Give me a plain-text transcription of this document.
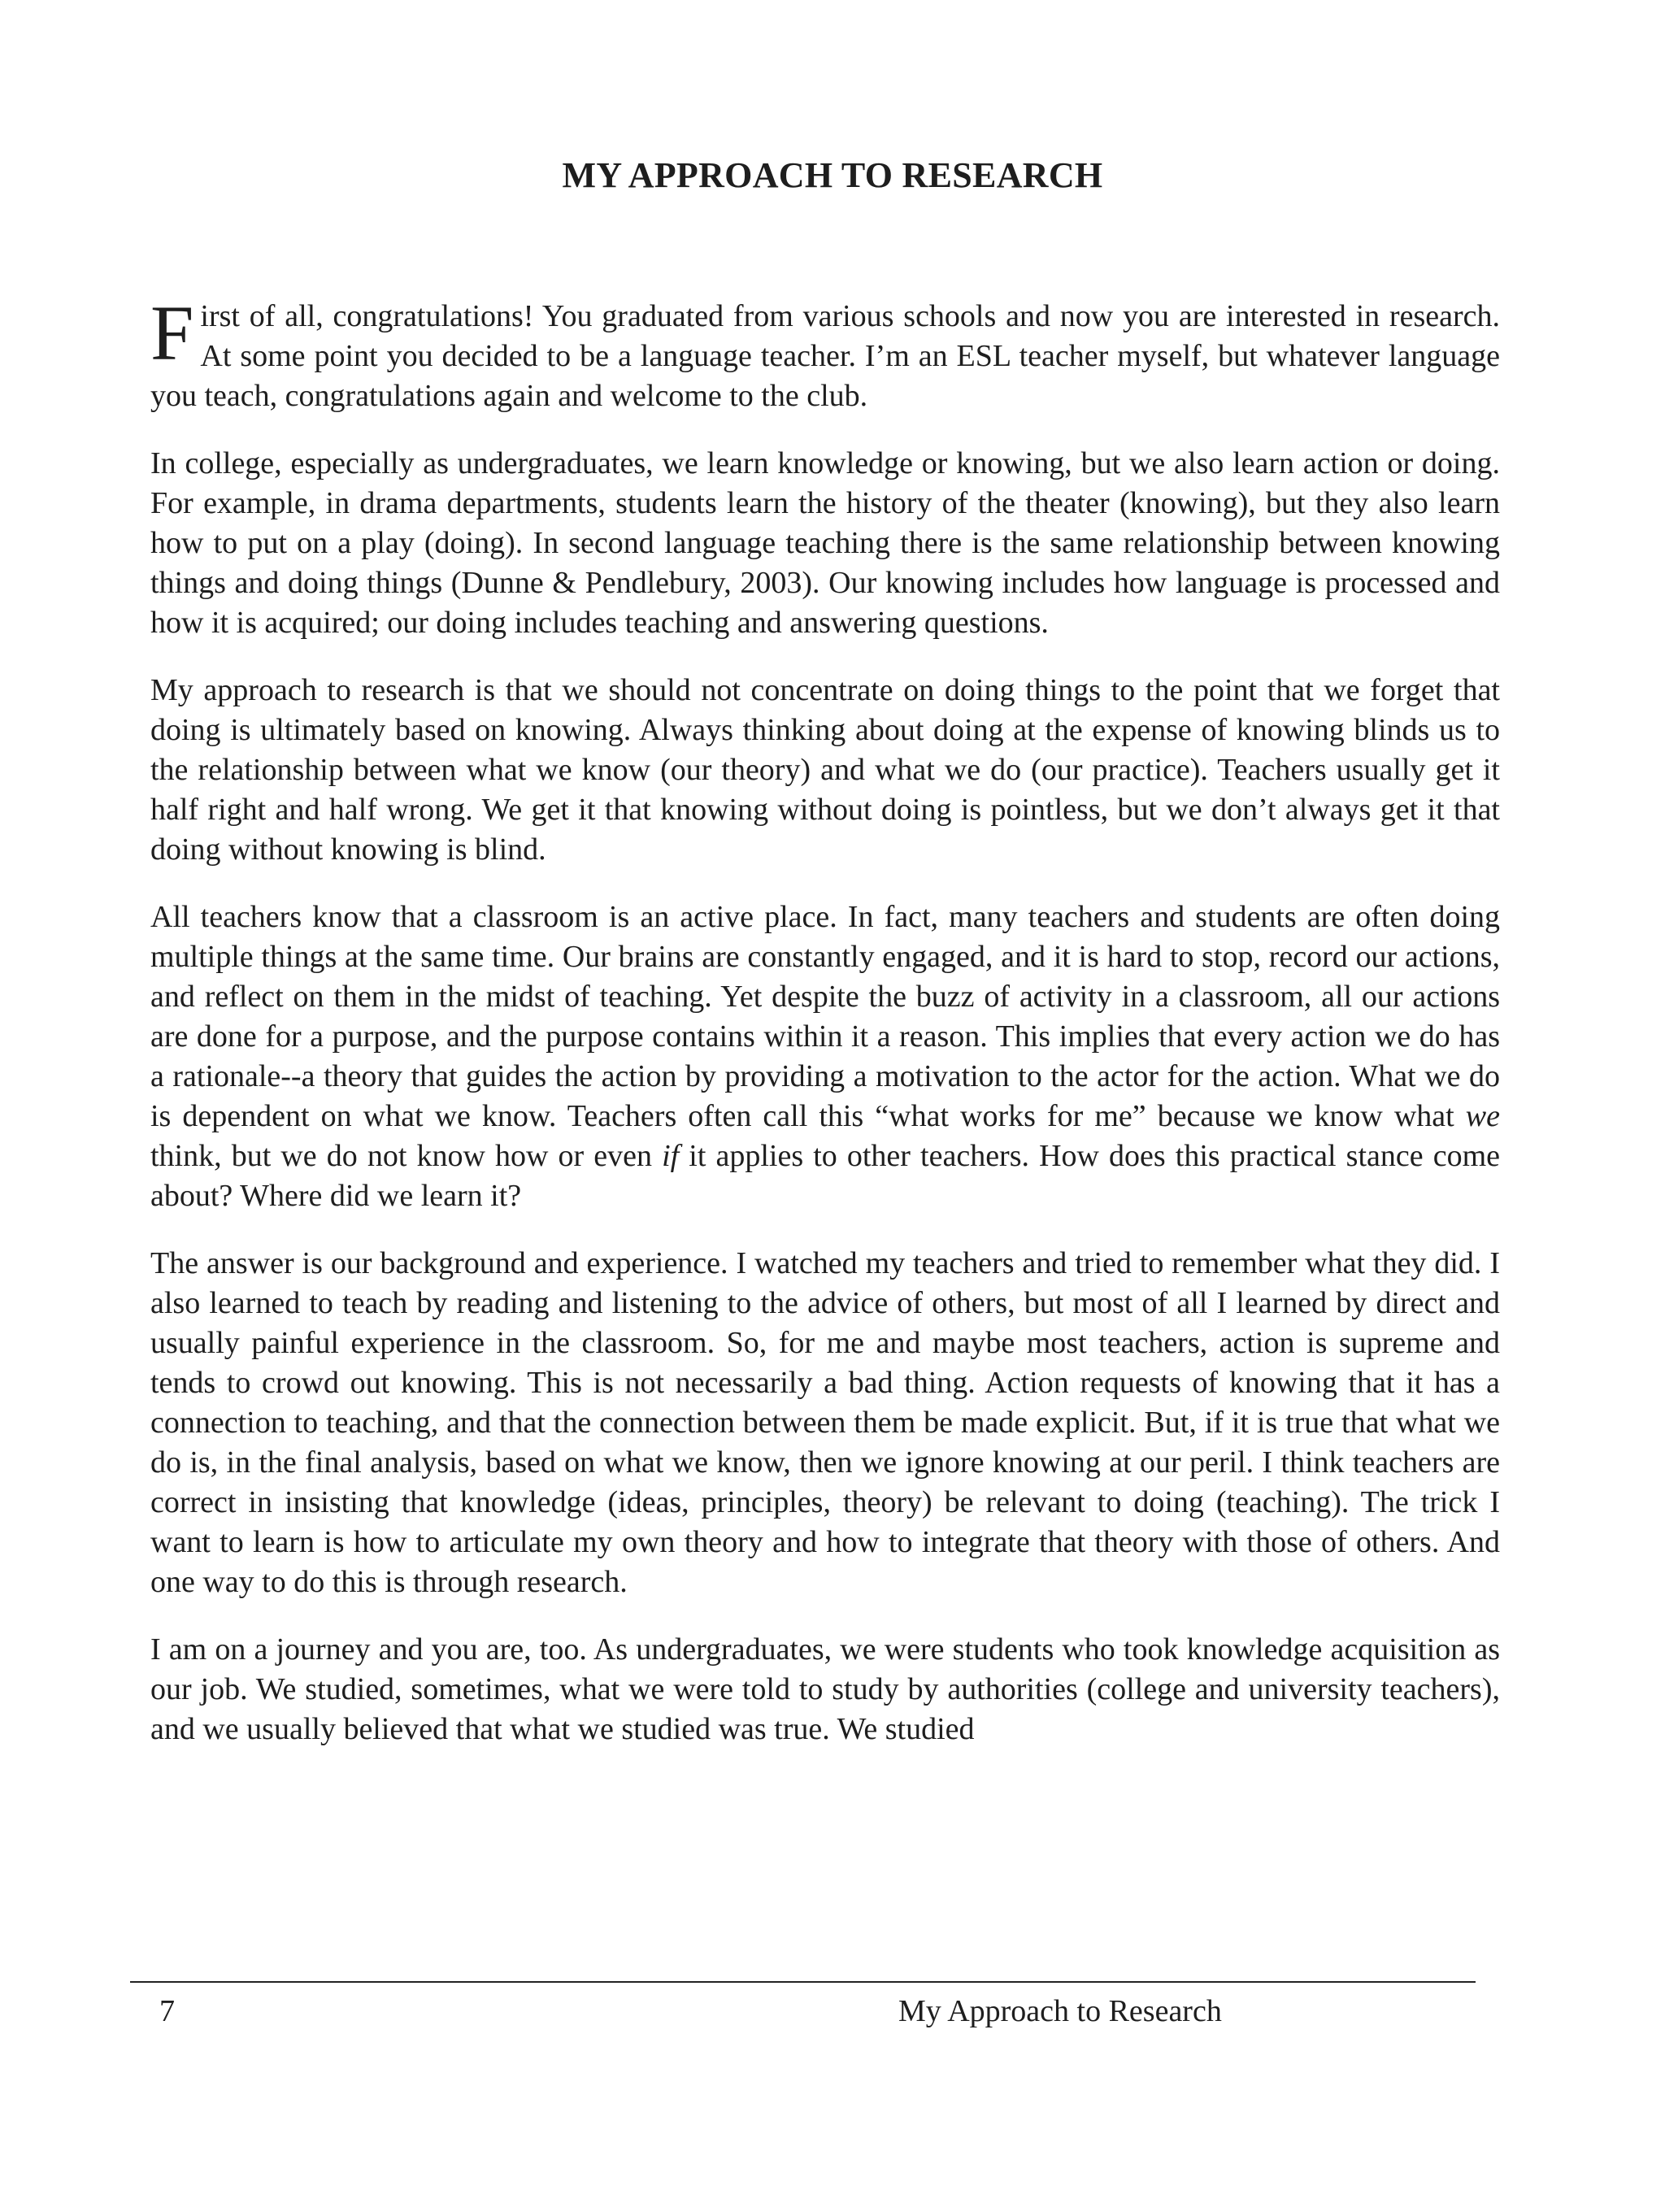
MY APPROACH TO RESEARCH

First of all, congratulations! You graduated from various schools and now you are interested in research. At some point you decided to be a language teacher. I’m an ESL teacher myself, but whatever language you teach, congratulations again and welcome to the club.

In college, especially as undergraduates, we learn knowledge or knowing, but we also learn action or doing. For example, in drama departments, students learn the history of the theater (knowing), but they also learn how to put on a play (doing). In second language teaching there is the same relationship between knowing things and doing things (Dunne & Pendlebury, 2003). Our knowing includes how language is processed and how it is acquired; our doing includes teaching and answering questions.

My approach to research is that we should not concentrate on doing things to the point that we forget that doing is ultimately based on knowing. Always thinking about doing at the expense of knowing blinds us to the relationship between what we know (our theory) and what we do (our practice). Teachers usually get it half right and half wrong. We get it that knowing without doing is pointless, but we don’t always get it that doing without knowing is blind.

All teachers know that a classroom is an active place. In fact, many teachers and students are often doing multiple things at the same time. Our brains are constantly engaged, and it is hard to stop, record our actions, and reflect on them in the midst of teaching. Yet despite the buzz of activity in a classroom, all our actions are done for a purpose, and the purpose contains within it a reason. This implies that every action we do has a rationale--a theory that guides the action by providing a motivation to the actor for the action. What we do is dependent on what we know. Teachers often call this “what works for me” because we know what we think, but we do not know how or even if it applies to other teachers. How does this practical stance come about? Where did we learn it?

The answer is our background and experience. I watched my teachers and tried to remember what they did. I also learned to teach by reading and listening to the advice of others, but most of all I learned by direct and usually painful experience in the classroom. So, for me and maybe most teachers, action is supreme and tends to crowd out knowing. This is not necessarily a bad thing. Action requests of knowing that it has a connection to teaching, and that the connection between them be made explicit. But, if it is true that what we do is, in the final analysis, based on what we know, then we ignore knowing at our peril. I think teachers are correct in insisting that knowledge (ideas, principles, theory) be relevant to doing (teaching). The trick I want to learn is how to articulate my own theory and how to integrate that theory with those of others. And one way to do this is through research.

I am on a journey and you are, too. As undergraduates, we were students who took knowledge acquisition as our job. We studied, sometimes, what we were told to study by authorities (college and university teachers), and we usually believed that what we studied was true. We studied

7	My Approach to Research
